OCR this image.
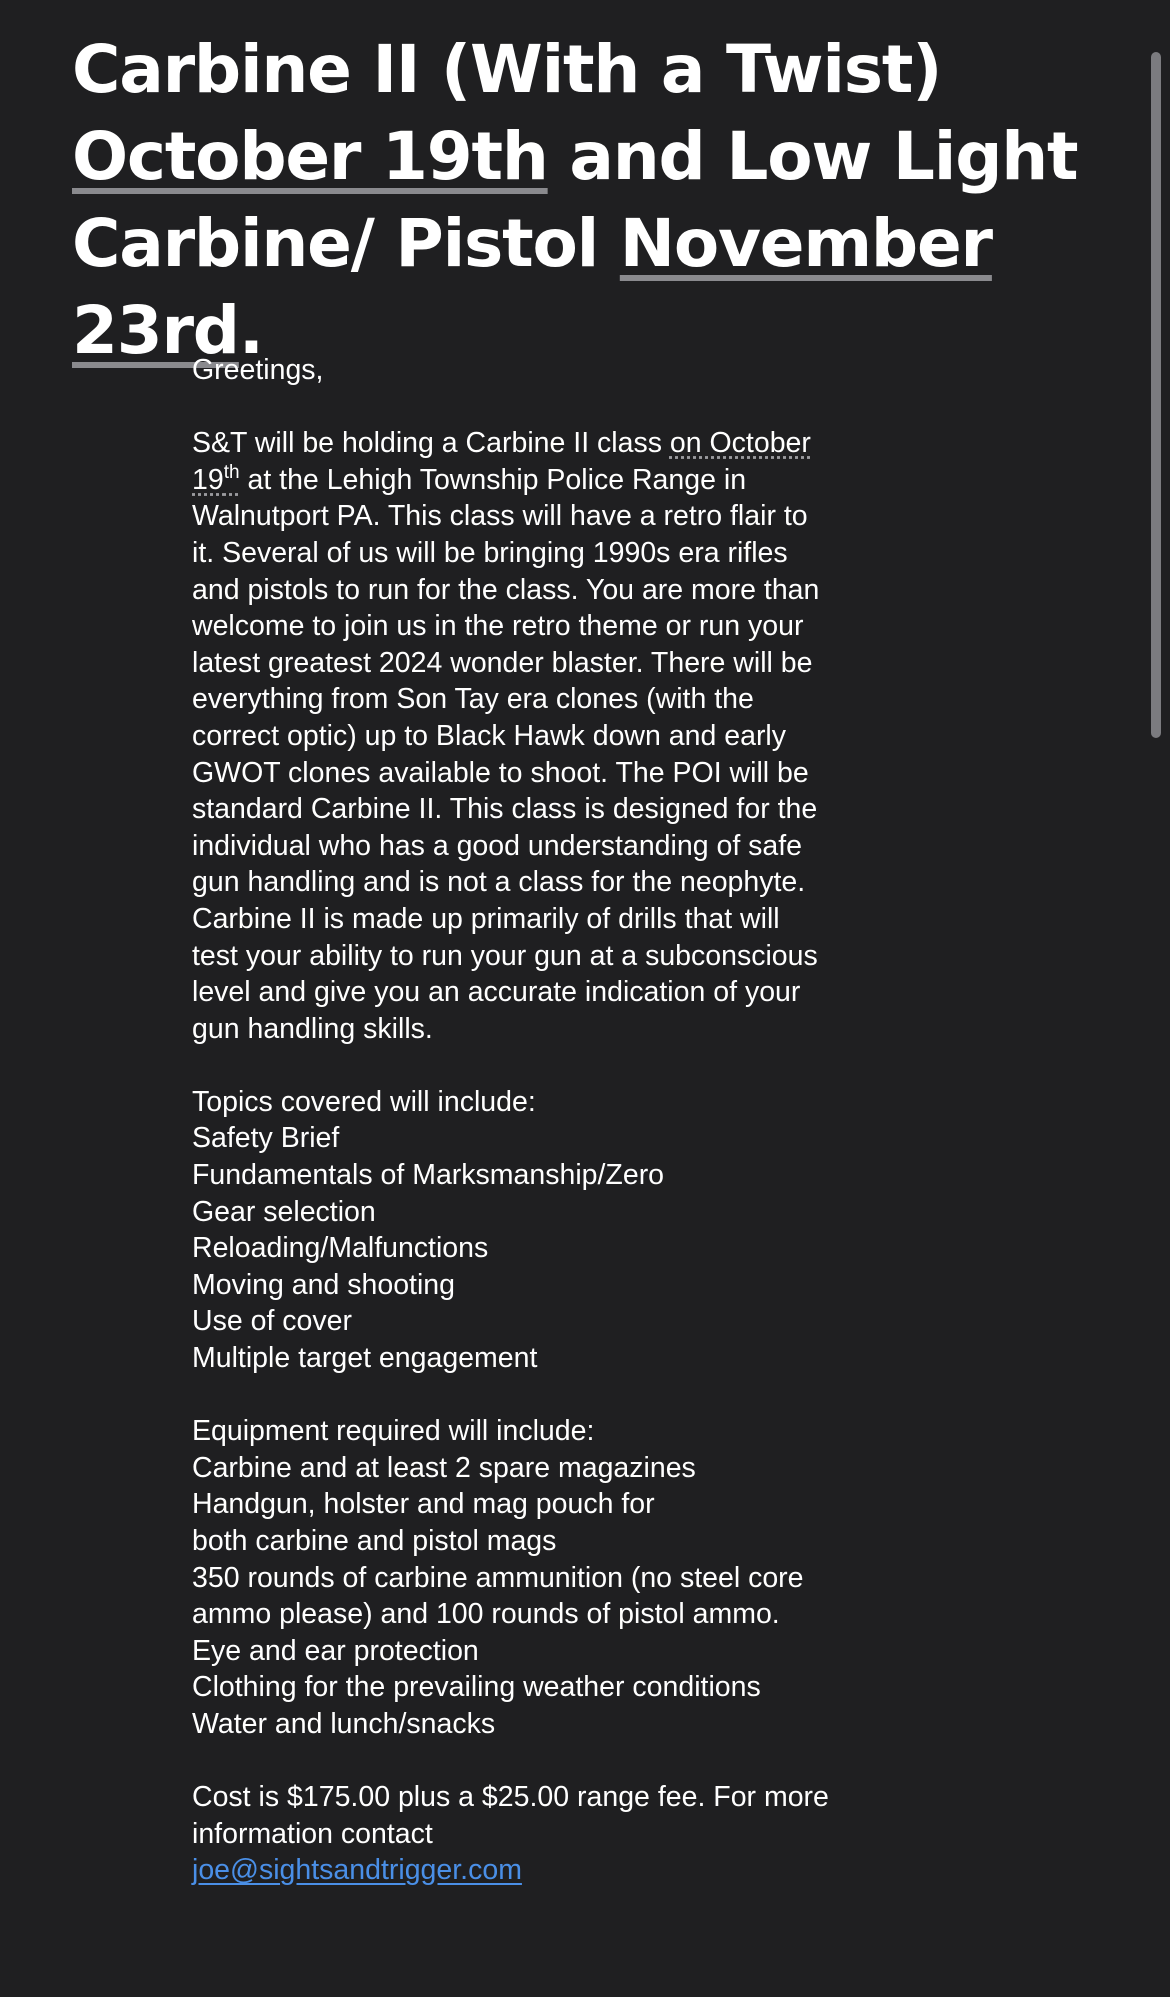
Carbine II (With a Twist) October 19th and Low Light Carbine/ Pistol November 23rd.

Greetings,

S&T will be holding a Carbine II class on October 19th at the Lehigh Township Police Range in Walnutport PA. This class will have a retro flair to it. Several of us will be bringing 1990s era rifles and pistols to run for the class. You are more than welcome to join us in the retro theme or run your latest greatest 2024 wonder blaster. There will be everything from Son Tay era clones (with the correct optic) up to Black Hawk down and early GWOT clones available to shoot. The POI will be standard Carbine II. This class is designed for the individual who has a good understanding of safe gun handling and is not a class for the neophyte. Carbine II is made up primarily of drills that will test your ability to run your gun at a subconscious level and give you an accurate indication of your gun handling skills.

Topics covered will include:

Safety Brief

Fundamentals of Marksmanship/Zero

Gear selection

Reloading/Malfunctions

Moving and shooting

Use of cover

Multiple target engagement

Equipment required will include:

Carbine and at least 2 spare magazines

Handgun, holster and mag pouch for

both carbine and pistol mags

350 rounds of carbine ammunition (no steel core ammo please) and 100 rounds of pistol ammo.

Eye and ear protection

Clothing for the prevailing weather conditions

Water and lunch/snacks

Cost is $175.00 plus a $25.00 range fee. For more information contact

joe@sightsandtrigger.com
